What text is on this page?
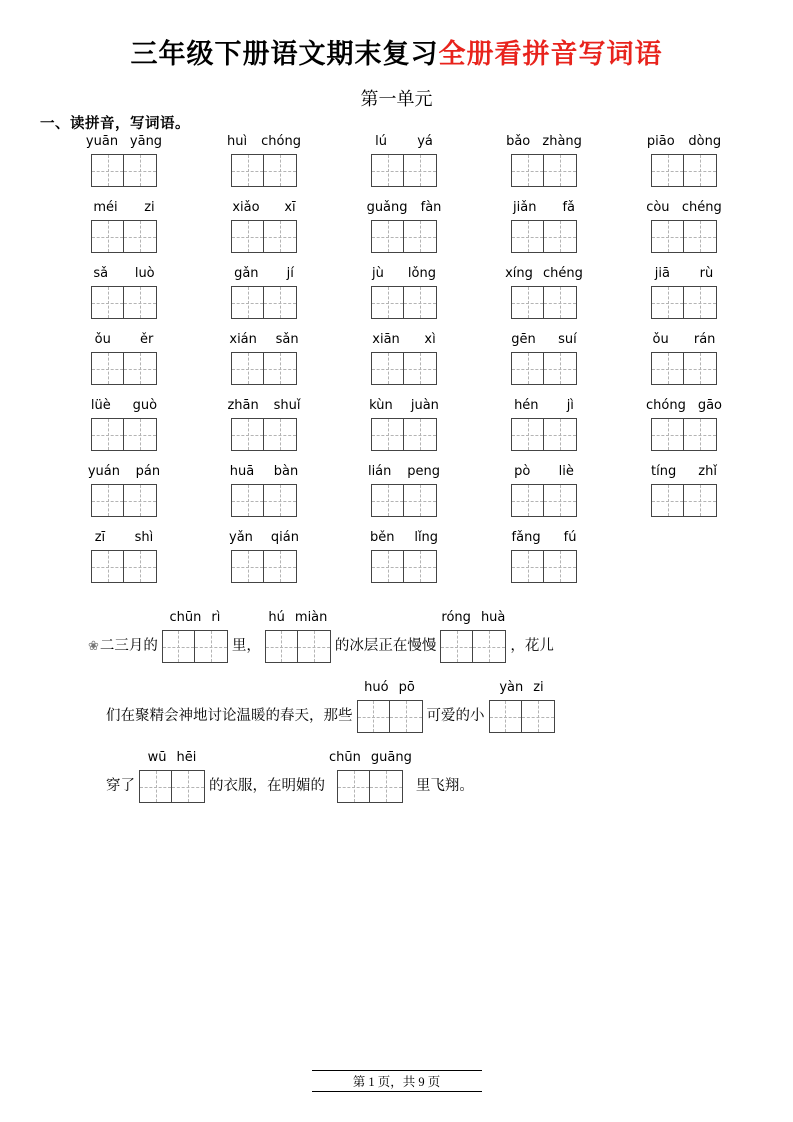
三年级下册语文期末复习全册看拼音写词语
第一单元
一、读拼音，写词语。
yuān yāng	huì chóng	lú yá	bǎo zhàng	piāo dòng
méi zi	xiǎo xī	guǎng fàn	jiǎn fǎ	còu chéng
sǎ luò	gǎn jí	jù lǒng	xíng chéng	jiā rù
ǒu ěr	xián sǎn	xiān xì	gēn suí	ǒu rán
lüè guò	zhān shuǐ	kùn juàn	hén jì	chóng gāo
yuán pán	huā bàn	lián peng	pò liè	tíng zhǐ
zī shì	yǎn qián	běn lǐng	fǎng fú
❀ 二三月的
chūn rì
里，
hú miàn
的冰层正在慢慢
róng huà
，花儿
们在聚精会神地讨论温暖的春天，那些
huó pō
可爱的小
yàn zi
穿了
wū hēi
的衣服，在明媚的
chūn guāng
里飞翔。
第 1 页，共 9 页
